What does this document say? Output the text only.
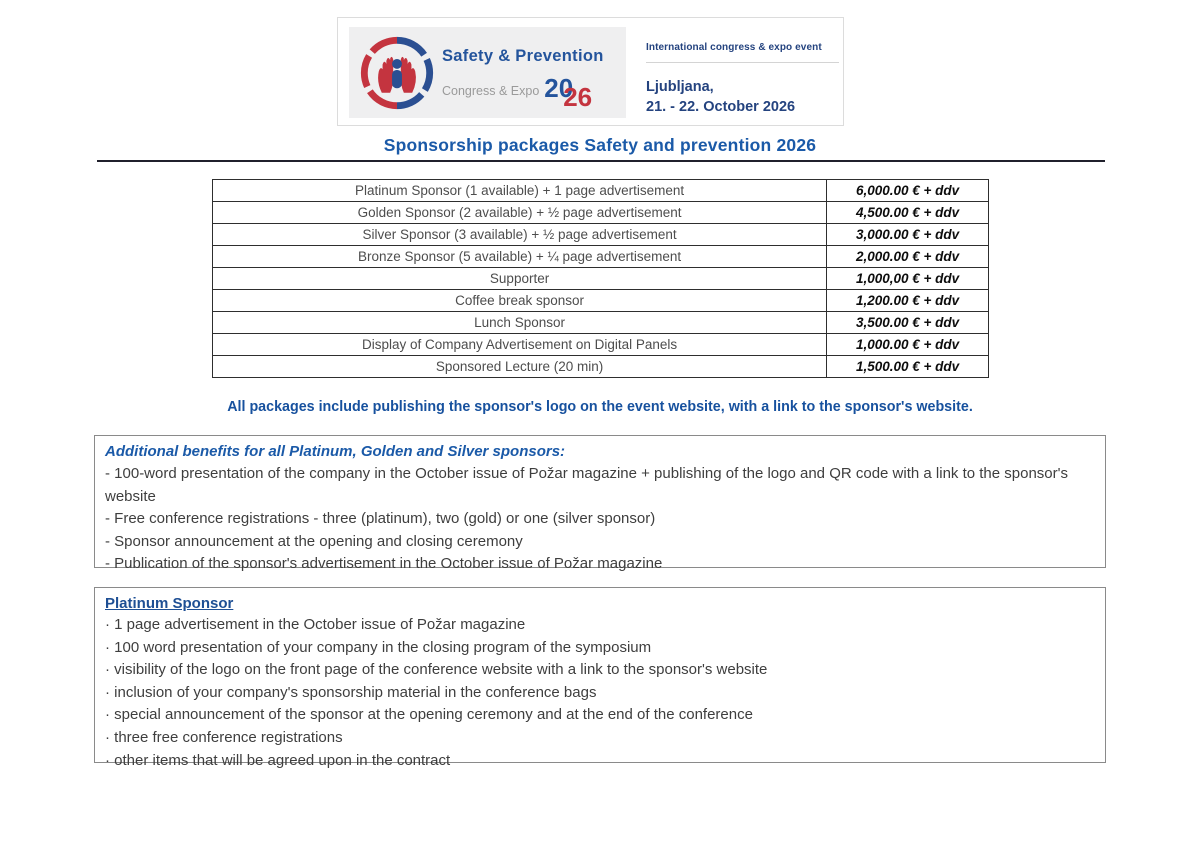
Safety & Prevention
Congress & Expo 20
26
International congress & expo event
Ljubljana,
21. - 22. October 2026
Sponsorship packages Safety and prevention 2026
Platinum Sponsor (1 available) + 1 page advertisement	6,000.00 € + ddv
Golden Sponsor (2 available) + ½ page advertisement	4,500.00 € + ddv
Silver Sponsor (3 available) + ½ page advertisement	3,000.00 € + ddv
Bronze Sponsor (5 available) + ¼ page advertisement	2,000.00 € + ddv
Supporter	1,000,00 € + ddv
Coffee break sponsor	1,200.00 € + ddv
Lunch Sponsor	3,500.00 € + ddv
Display of Company Advertisement on Digital Panels	1,000.00 € + ddv
Sponsored Lecture (20 min)	1,500.00 € + ddv
All packages include publishing the sponsor's logo on the event website, with a link to the sponsor's website.
Additional benefits for all Platinum, Golden and Silver sponsors:
- 100-word presentation of the company in the October issue of Požar magazine + publishing of the logo and QR code with a link to the sponsor's website
- Free conference registrations - three (platinum), two (gold) or one (silver sponsor)
- Sponsor announcement at the opening and closing ceremony
- Publication of the sponsor's advertisement in the October issue of Požar magazine
Platinum Sponsor
· 1 page advertisement in the October issue of Požar magazine
· 100 word presentation of your company in the closing program of the symposium
· visibility of the logo on the front page of the conference website with a link to the sponsor's website
· inclusion of your company's sponsorship material in the conference bags
· special announcement of the sponsor at the opening ceremony and at the end of the conference
· three free conference registrations
· other items that will be agreed upon in the contract
